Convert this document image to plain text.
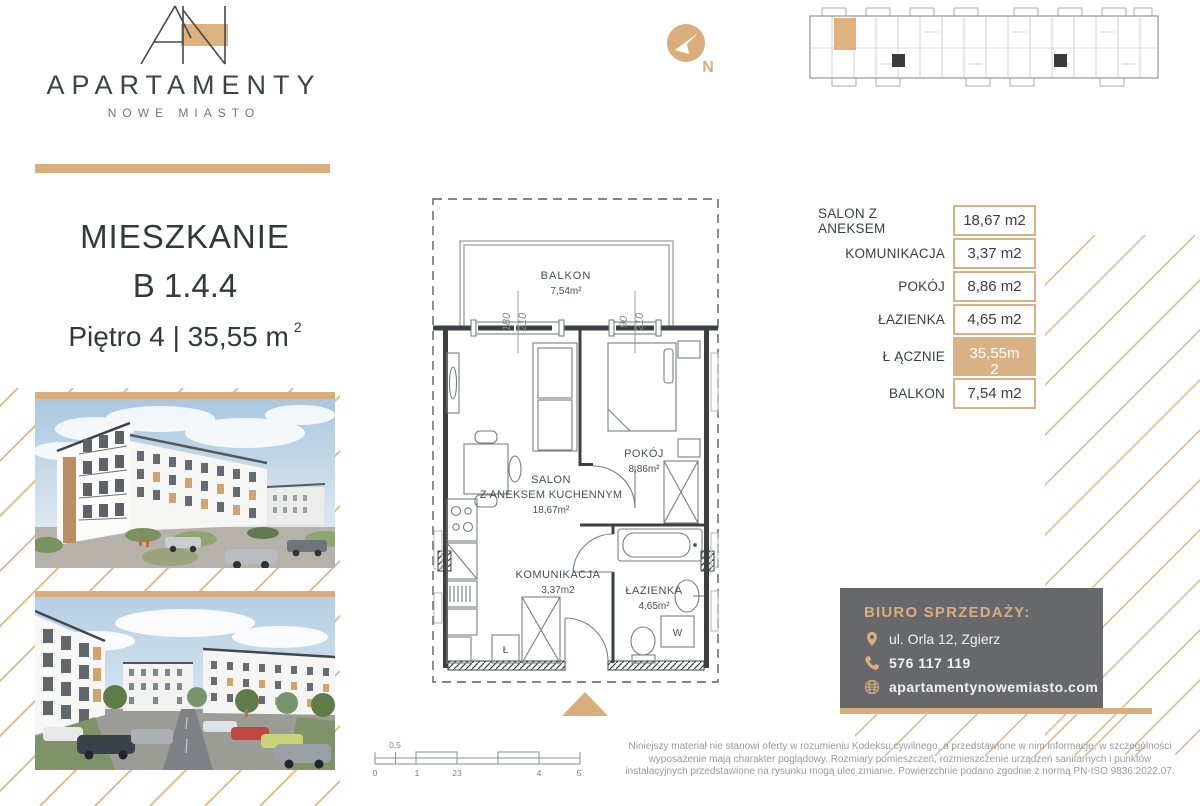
APARTAMENTY
NOWE MIASTO
N
MIESZKANIE
B 1.4.4
Piętro 4 | 35,55 m $^2$
BALKON
7,54m²
180 210	90 210
POKÓJ
8,86m²
SALON
Z ANEKSEM KUCHENNYM
18,67m²
KOMUNIKACJA
3,37m2	ŁAZIENKA
4,65m²
Ł
W
SALON Z ANEKSEM	18,67 m2
KOMUNIKACJA	3,37 m2
POKÓJ	8,86 m2
ŁAZIENKA	4,65 m2
Ł ĄCZNIE	35,55m
2
BALKON	7,54 m2
BIURO SPRZEDAŻY:
ul. Orla 12, Zgierz
576 117 119
apartamentynowemiasto.com
0,5
0	1	23	4	5
Niniejszy materiał nie stanowi oferty w rozumieniu Kodeksu cywilnego, a przedstawione w nim informacje, w szczególności
wyposażenie mają charakter poglądowy. Rozmiary pomieszczeń, rozmieszczenie urządzeń sanitarnych i punktów
instalacyjnych przedstawione na rysunku mogą ulec zmianie. Powierzchnie podano zgodnie z normą PN-ISO 9836:2022.07.
